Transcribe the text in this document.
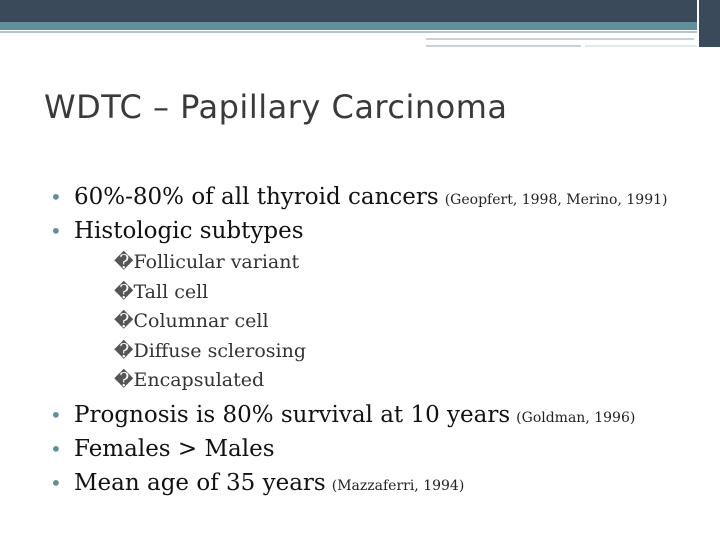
WDTC – Papillary Carcinoma
• 60%-80% of all thyroid cancers (Geopfert, 1998, Merino, 1991)
• Histologic subtypes
�Follicular variant
�Tall cell
�Columnar cell
�Diffuse sclerosing
�Encapsulated
• Prognosis is 80% survival at 10 years (Goldman, 1996)
• Females > Males
• Mean age of 35 years (Mazzaferri, 1994)
